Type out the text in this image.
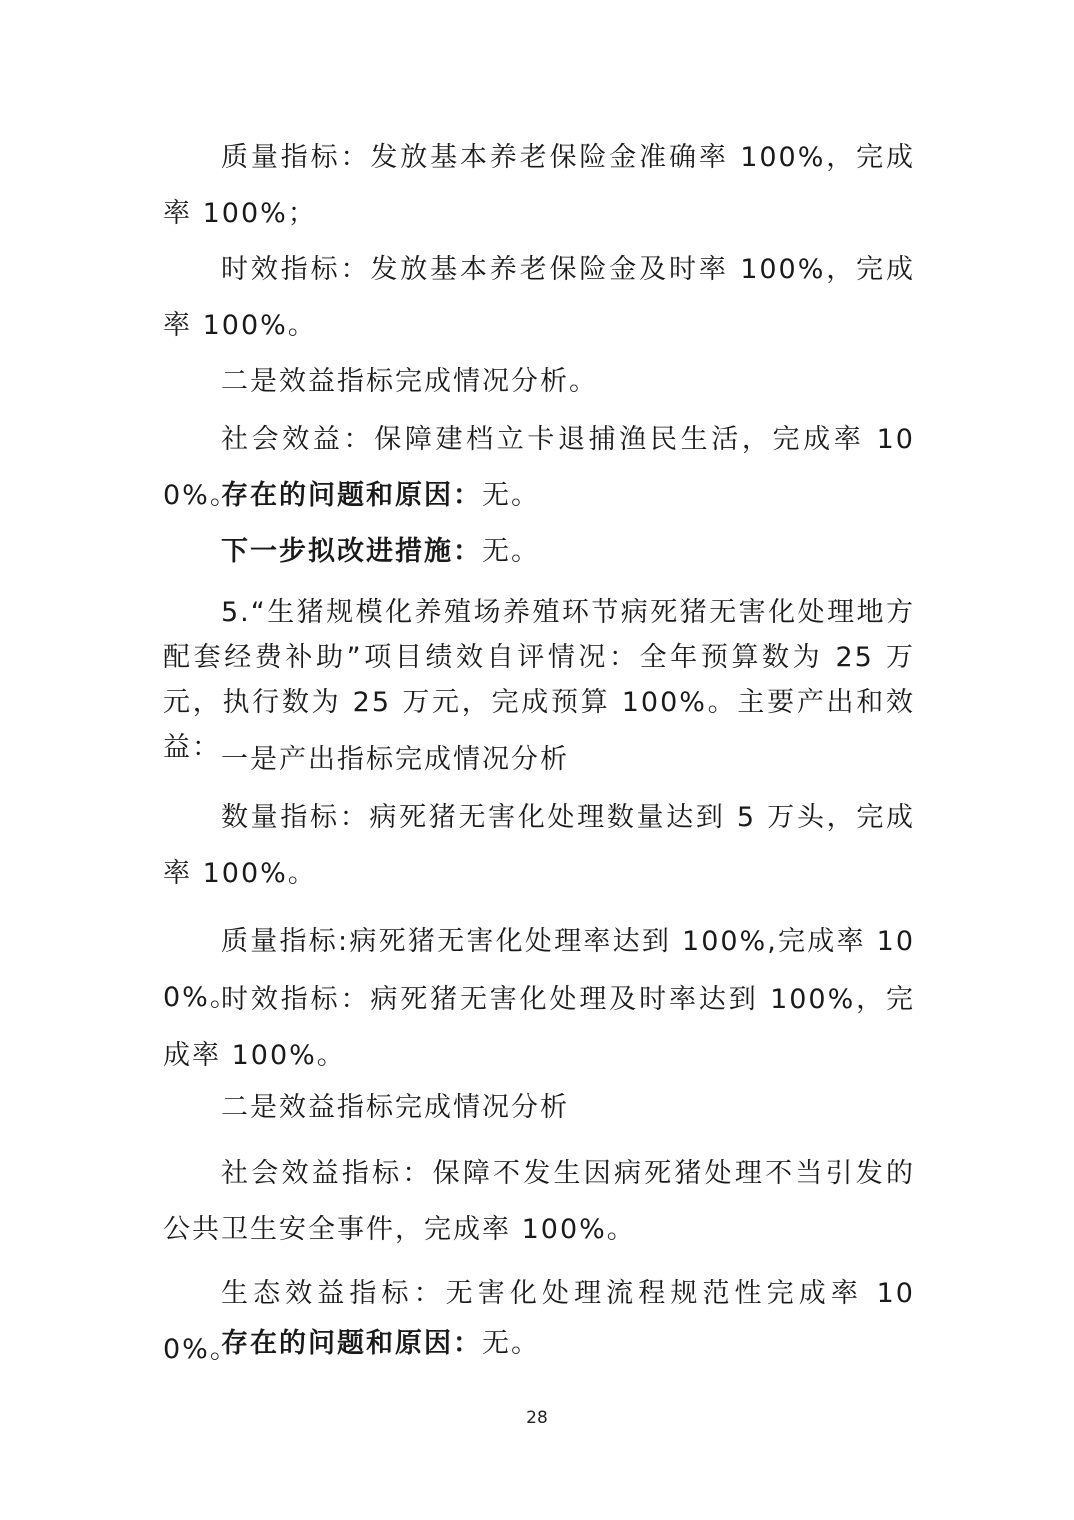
质量指标：发放基本养老保险金准确率 100%，完成率 100%；

时效指标：发放基本养老保险金及时率 100%，完成率 100%。

二是效益指标完成情况分析。

社会效益：保障建档立卡退捕渔民生活，完成率 100%。

存在的问题和原因：无。

下一步拟改进措施：无。

5.“生猪规模化养殖场养殖环节病死猪无害化处理地方配套经费补助”项目绩效自评情况：全年预算数为 25 万元，执行数为 25 万元，完成预算 100%。主要产出和效益： 一是产出指标完成情况分析

数量指标：病死猪无害化处理数量达到 5 万头，完成率 100%。

质量指标:病死猪无害化处理率达到 100%,完成率 100%。

时效指标：病死猪无害化处理及时率达到 100%，完成率 100%。

二是效益指标完成情况分析

社会效益指标：保障不发生因病死猪处理不当引发的公共卫生安全事件，完成率 100%。

生态效益指标：无害化处理流程规范性完成率 100%。

存在的问题和原因：无。

28
